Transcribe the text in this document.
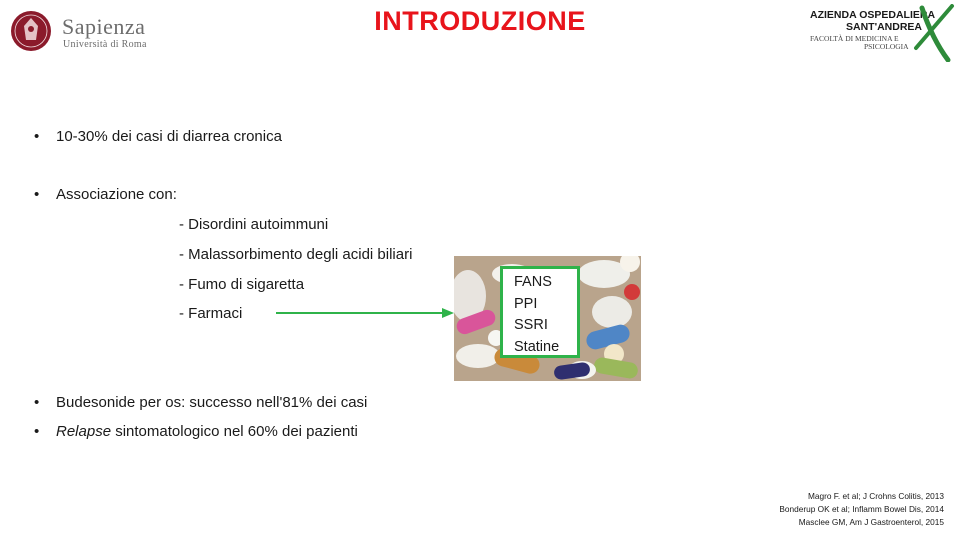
Sapienza
Università di Roma
INTRODUZIONE	AZIENDA OSPEDALIERA
SANT'ANDREA
FACOLTÀ DI MEDICINA E
PSICOLOGIA
• 10-30% dei casi di diarrea cronica
• Associazione con:
- Disordini autoimmuni
- Malassorbimento degli acidi biliari
- Fumo di sigaretta
- Farmaci
FANS
PPI
SSRI
Statine
• Budesonide per os: successo nell'81% dei casi
• Relapse sintomatologico nel 60% dei pazienti
Magro F. et al; J Crohns Colitis, 2013
Bonderup OK et al; Inflamm Bowel Dis, 2014
Masclee GM, Am J Gastroenterol, 2015
